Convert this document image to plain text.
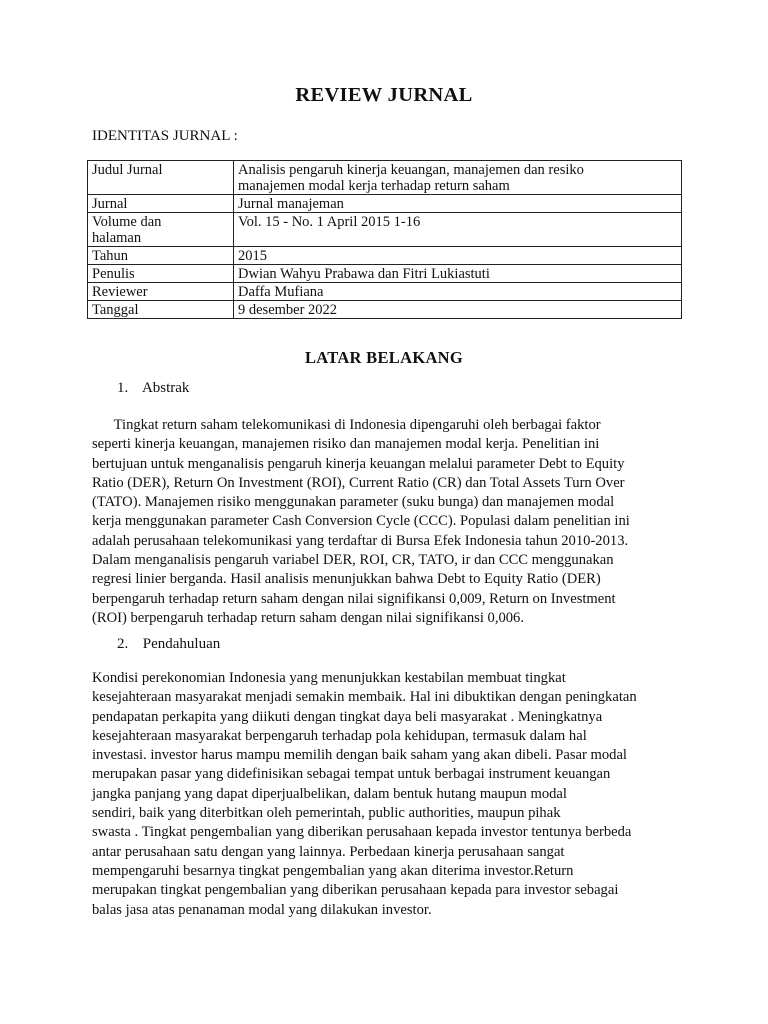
REVIEW JURNAL
IDENTITAS JURNAL :
Judul Jurnal	Analisis pengaruh kinerja keuangan, manajemen dan resiko
manajemen modal kerja terhadap return saham

Jurnal	Jurnal manajeman

Volume dan
halaman	Vol. 15 - No. 1 April 2015 1-16

Tahun	2015

Penulis	Dwian Wahyu Prabawa dan Fitri Lukiastuti

Reviewer	Daffa Mufiana

Tanggal	9 desember 2022
LATAR BELAKANG
1. Abstrak
Tingkat return saham telekomunikasi di Indonesia dipengaruhi oleh berbagai faktor
seperti kinerja keuangan, manajemen risiko dan manajemen modal kerja. Penelitian ini
bertujuan untuk menganalisis pengaruh kinerja keuangan melalui parameter Debt to Equity
Ratio (DER), Return On Investment (ROI), Current Ratio (CR) dan Total Assets Turn Over
(TATO). Manajemen risiko menggunakan parameter (suku bunga) dan manajemen modal
kerja menggunakan parameter Cash Conversion Cycle (CCC). Populasi dalam penelitian ini
adalah perusahaan telekomunikasi yang terdaftar di Bursa Efek Indonesia tahun 2010-2013.
Dalam menganalisis pengaruh variabel DER, ROI, CR, TATO, ir dan CCC menggunakan
regresi linier berganda. Hasil analisis menunjukkan bahwa Debt to Equity Ratio (DER)
berpengaruh terhadap return saham dengan nilai signifikansi 0,009, Return on Investment
(ROI) berpengaruh terhadap return saham dengan nilai signifikansi 0,006.
2. Pendahuluan
Kondisi perekonomian Indonesia yang menunjukkan kestabilan membuat tingkat
kesejahteraan masyarakat menjadi semakin membaik. Hal ini dibuktikan dengan peningkatan
pendapatan perkapita yang diikuti dengan tingkat daya beli masyarakat . Meningkatnya
kesejahteraan masyarakat berpengaruh terhadap pola kehidupan, termasuk dalam hal
investasi. investor harus mampu memilih dengan baik saham yang akan dibeli. Pasar modal
merupakan pasar yang didefinisikan sebagai tempat untuk berbagai instrument keuangan
jangka panjang yang dapat diperjualbelikan, dalam bentuk hutang maupun modal
sendiri, baik yang diterbitkan oleh pemerintah, public authorities, maupun pihak
swasta . Tingkat pengembalian yang diberikan perusahaan kepada investor tentunya berbeda
antar perusahaan satu dengan yang lainnya. Perbedaan kinerja perusahaan sangat
mempengaruhi besarnya tingkat pengembalian yang akan diterima investor.Return
merupakan tingkat pengembalian yang diberikan perusahaan kepada para investor sebagai
balas jasa atas penanaman modal yang dilakukan investor.
